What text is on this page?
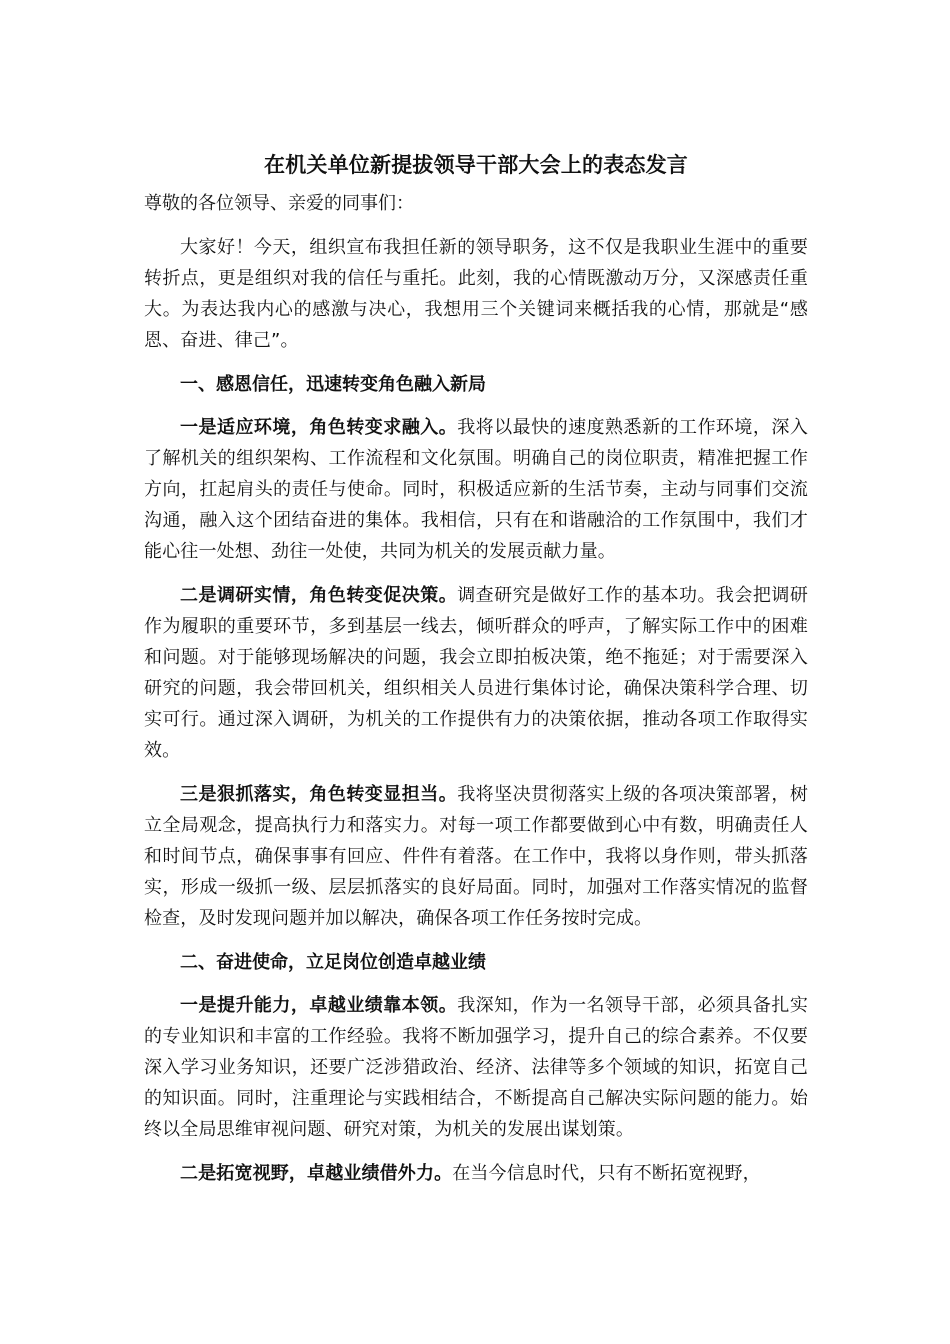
在机关单位新提拔领导干部大会上的表态发言
尊敬的各位领导、亲爱的同事们：

大家好！今天，组织宣布我担任新的领导职务，这不仅是我职业生涯中的重要转折点，更是组织对我的信任与重托。此刻，我的心情既激动万分，又深感责任重大。为表达我内心的感激与决心，我想用三个关键词来概括我的心情，那就是“感恩、奋进、律己”。

一、感恩信任，迅速转变角色融入新局

一是适应环境，角色转变求融入。我将以最快的速度熟悉新的工作环境，深入了解机关的组织架构、工作流程和文化氛围。明确自己的岗位职责，精准把握工作方向，扛起肩头的责任与使命。同时，积极适应新的生活节奏，主动与同事们交流沟通，融入这个团结奋进的集体。我相信，只有在和谐融洽的工作氛围中，我们才能心往一处想、劲往一处使，共同为机关的发展贡献力量。

二是调研实情，角色转变促决策。调查研究是做好工作的基本功。我会把调研作为履职的重要环节，多到基层一线去，倾听群众的呼声，了解实际工作中的困难和问题。对于能够现场解决的问题，我会立即拍板决策，绝不拖延；对于需要深入研究的问题，我会带回机关，组织相关人员进行集体讨论，确保决策科学合理、切实可行。通过深入调研，为机关的工作提供有力的决策依据，推动各项工作取得实效。

三是狠抓落实，角色转变显担当。我将坚决贯彻落实上级的各项决策部署，树立全局观念，提高执行力和落实力。对每一项工作都要做到心中有数，明确责任人和时间节点，确保事事有回应、件件有着落。在工作中，我将以身作则，带头抓落实，形成一级抓一级、层层抓落实的良好局面。同时，加强对工作落实情况的监督检查，及时发现问题并加以解决，确保各项工作任务按时完成。

二、奋进使命，立足岗位创造卓越业绩

一是提升能力，卓越业绩靠本领。我深知，作为一名领导干部，必须具备扎实的专业知识和丰富的工作经验。我将不断加强学习，提升自己的综合素养。不仅要深入学习业务知识，还要广泛涉猎政治、经济、法律等多个领域的知识，拓宽自己的知识面。同时，注重理论与实践相结合，不断提高自己解决实际问题的能力。始终以全局思维审视问题、研究对策，为机关的发展出谋划策。

二是拓宽视野，卓越业绩借外力。在当今信息时代，只有不断拓宽视野，
